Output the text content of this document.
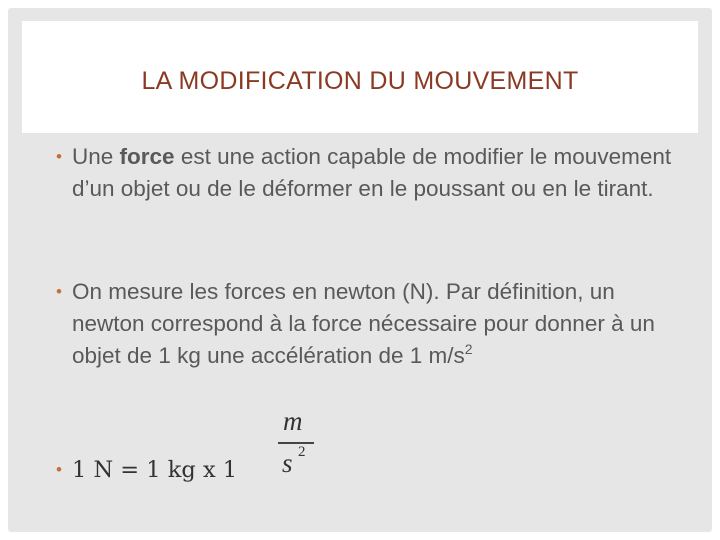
LA MODIFICATION DU MOUVEMENT
• Une force est une action capable de modifier le mouvement d’un objet ou de le déformer en le poussant ou en le tirant.
• On mesure les forces en newton (N). Par définition, un newton correspond à la force nécessaire pour donner à un objet de 1 kg une accélération de 1 $m/s^2$
• 1 N = 1 kg x 1
m
s 2
